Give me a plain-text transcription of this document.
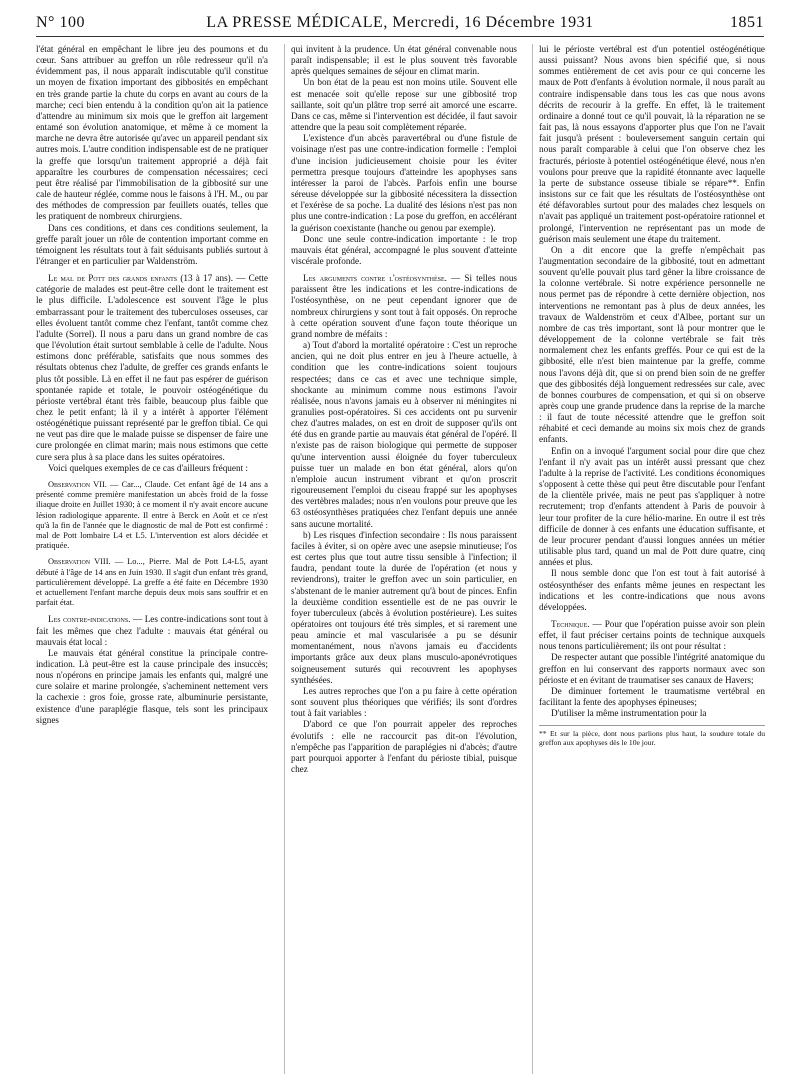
N° 100	LA PRESSE MÉDICALE, Mercredi, 16 Décembre 1931	1851

l'état général en empêchant le libre jeu des poumons et du cœur. Sans attribuer au greffon un rôle redresseur qu'il n'a évidemment pas, il nous apparaît indiscutable qu'il constitue un moyen de fixation important des gibbosités en empêchant en très grande partie la chute du corps en avant au cours de la marche; ceci bien entendu à la condition qu'on ait la patience d'attendre au minimum six mois que le greffon ait largement entamé son évolution anatomique, et même à ce moment la marche ne devra être autorisée qu'avec un appareil pendant six autres mois. L'autre condition indispensable est de ne pratiquer la greffe que lorsqu'un traitement approprié a déjà fait apparaître les courbures de compensation nécessaires; ceci peut être réalisé par l'immobilisation de la gibbosité sur une cale de hauteur réglée, comme nous le faisons à l'H. M., ou par des méthodes de compression par feuillets ouatés, telles que les pratiquent de nombreux chirurgiens.

Dans ces conditions, et dans ces conditions seulement, la greffe paraît jouer un rôle de contention important comme en témoignent les résultats tout à fait séduisants publiés surtout à l'étranger et en particulier par Waldenström.

Le mal de Pott des grands enfants (13 à 17 ans). — Cette catégorie de malades est peut-être celle dont le traitement est le plus difficile. L'adolescence est souvent l'âge le plus embarrassant pour le traitement des tuberculoses osseuses, car elles évoluent tantôt comme chez l'enfant, tantôt comme chez l'adulte (Sorrel). Il nous a paru dans un grand nombre de cas que l'évolution était surtout semblable à celle de l'adulte. Nous estimons donc préférable, satisfaits que nous sommes des résultats obtenus chez l'adulte, de greffer ces grands enfants le plus tôt possible. Là en effet il ne faut pas espérer de guérison spontanée rapide et totale, le pouvoir ostéogénétique du périoste vertébral étant très faible, beaucoup plus faible que chez le petit enfant; là il y a intérêt à apporter l'élément ostéogénétique puissant représenté par le greffon tibial. Ce qui ne veut pas dire que le malade puisse se dispenser de faire une cure prolongée en climat marin; mais nous estimons que cette cure sera plus à sa place dans les suites opératoires.

Voici quelques exemples de ce cas d'ailleurs fréquent :

Observation VII. — Car..., Claude. Cet enfant âgé de 14 ans a présenté comme première manifestation un abcès froid de la fosse iliaque droite en Juillet 1930; à ce moment il n'y avait encore aucune lésion radiologique apparente. Il entre à Berck en Août et ce n'est qu'à la fin de l'année que le diagnostic de mal de Pott est confirmé : mal de Pott lombaire L4 et L5. L'intervention est alors décidée et pratiquée.

Observation VIII. — Lo..., Pierre. Mal de Pott L4-L5, ayant débuté à l'âge de 14 ans en Juin 1930. Il s'agit d'un enfant très grand, particulièrement développé. La greffe a été faite en Décembre 1930 et actuellement l'enfant marche depuis deux mois sans souffrir et en parfait état.

Les contre-indications. — Les contre-indications sont tout à fait les mêmes que chez l'adulte : mauvais état général ou mauvais état local :

Le mauvais état général constitue la principale contre-indication. Là peut-être est la cause principale des insuccès; nous n'opérons en principe jamais les enfants qui, malgré une cure solaire et marine prolongée, s'acheminent nettement vers la cachexie : gros foie, grosse rate, albuminurie persistante, existence d'une paraplégie flasque, tels sont les principaux signes

qui invitent à la prudence. Un état général convenable nous paraît indispensable; il est le plus souvent très favorable après quelques semaines de séjour en climat marin.

Un bon état de la peau est non moins utile. Souvent elle est menacée soit qu'elle repose sur une gibbosité trop saillante, soit qu'un plâtre trop serré ait amorcé une escarre. Dans ce cas, même si l'intervention est décidée, il faut savoir attendre que la peau soit complètement réparée.

L'existence d'un abcès paravertébral ou d'une fistule de voisinage n'est pas une contre-indication formelle : l'emploi d'une incision judicieusement choisie pour les éviter permettra presque toujours d'atteindre les apophyses sans intéresser la paroi de l'abcès. Parfois enfin une bourse séreuse développée sur la gibbosité nécessitera la dissection et l'exérèse de sa poche. La dualité des lésions n'est pas non plus une contre-indication : La pose du greffon, en accélérant la guérison coexistante (hanche ou genou par exemple).

Donc une seule contre-indication importante : le trop mauvais état général, accompagné le plus souvent d'atteinte viscérale profonde.

Les arguments contre l'ostéosynthèse. — Si telles nous paraissent être les indications et les contre-indications de l'ostéosynthèse, on ne peut cependant ignorer que de nombreux chirurgiens y sont tout à fait opposés. On reproche à cette opération souvent d'une façon toute théorique un grand nombre de méfaits :

a) Tout d'abord la mortalité opératoire : C'est un reproche ancien, qui ne doit plus entrer en jeu à l'heure actuelle, à condition que les contre-indications soient toujours respectées; dans ce cas et avec une technique simple, shockante au minimum comme nous estimons l'avoir réalisée, nous n'avons jamais eu à observer ni méningites ni granulies post-opératoires. Si ces accidents ont pu survenir chez d'autres malades, on est en droit de supposer qu'ils ont été dus en grande partie au mauvais état général de l'opéré. Il n'existe pas de raison biologique qui permette de supposer qu'une intervention aussi éloignée du foyer tuberculeux puisse tuer un malade en bon état général, alors qu'on n'emploie aucun instrument vibrant et qu'on proscrit rigoureusement l'emploi du ciseau frappé sur les apophyses des vertèbres malades; nous n'en voulons pour preuve que les 63 ostéosynthèses pratiquées chez l'enfant depuis une année sans aucune mortalité.

b) Les risques d'infection secondaire : Ils nous paraissent faciles à éviter, si on opère avec une asepsie minutieuse; l'os est certes plus que tout autre tissu sensible à l'infection; il faudra, pendant toute la durée de l'opération (et nous y reviendrons), traiter le greffon avec un soin particulier, en s'abstenant de le manier autrement qu'à bout de pinces. Enfin la deuxième condition essentielle est de ne pas ouvrir le foyer tuberculeux (abcès à évolution postérieure). Les suites opératoires ont toujours été très simples, et si rarement une peau amincie et mal vascularisée a pu se désunir momentanément, nous n'avons jamais eu d'accidents importants grâce aux deux plans musculo-aponévrotiques soigneusement suturés qui recouvrent les apophyses synthésées.

Les autres reproches que l'on a pu faire à cette opération sont souvent plus théoriques que vérifiés; ils sont d'ordres tout à fait variables :

D'abord ce que l'on pourrait appeler des reproches évolutifs : elle ne raccourcit pas dit-on l'évolution, n'empêche pas l'apparition de paraplégies ni d'abcès; d'autre part pourquoi apporter à l'enfant du périoste tibial, puisque chez

lui le périoste vertébral est d'un potentiel ostéogénétique aussi puissant? Nous avons bien spécifié que, si nous sommes entièrement de cet avis pour ce qui concerne les maux de Pott d'enfants à évolution normale, il nous paraît au contraire indispensable dans tous les cas que nous avons décrits de recourir à la greffe. En effet, là le traitement ordinaire a donné tout ce qu'il pouvait, là la réparation ne se fait pas, là nous essayons d'apporter plus que l'on ne l'avait fait jusqu'à présent : bouleversement sanguin certain qui nous paraît comparable à celui que l'on observe chez les fracturés, périoste à potentiel ostéogénétique élevé, nous n'en voulons pour preuve que la rapidité étonnante avec laquelle la perte de substance osseuse tibiale se répare**. Enfin insistons sur ce fait que les résultats de l'ostéosynthèse ont été défavorables surtout pour des malades chez lesquels on n'avait pas appliqué un traitement post-opératoire rationnel et prolongé, l'intervention ne représentant pas un mode de guérison mais seulement une étape du traitement.

On a dit encore que la greffe n'empêchait pas l'augmentation secondaire de la gibbosité, tout en admettant souvent qu'elle pouvait plus tard gêner la libre croissance de la colonne vertébrale. Si notre expérience personnelle ne nous permet pas de répondre à cette dernière objection, nos interventions ne remontant pas à plus de deux années, les travaux de Waldenström et ceux d'Albee, portant sur un nombre de cas très important, sont là pour montrer que le développement de la colonne vertébrale se fait très normalement chez les enfants greffés. Pour ce qui est de la gibbosité, elle n'est bien maintenue par la greffe, comme nous l'avons déjà dit, que si on prend bien soin de ne greffer que des gibbosités déjà longuement redressées sur cale, avec de bonnes courbures de compensation, et qui si on observe après coup une grande prudence dans la reprise de la marche : il faut de toute nécessité attendre que le greffon soit réhabité et ceci demande au moins six mois chez de grands enfants.

Enfin on a invoqué l'argument social pour dire que chez l'enfant il n'y avait pas un intérêt aussi pressant que chez l'adulte à la reprise de l'activité. Les conditions économiques s'opposent à cette thèse qui peut être discutable pour l'enfant de la clientèle privée, mais ne peut pas s'appliquer à notre recrutement; trop d'enfants attendent à Paris de pouvoir à leur tour profiter de la cure hélio-marine. En outre il est très difficile de donner à ces enfants une éducation suffisante, et de leur procurer pendant d'aussi longues années un métier utilisable plus tard, quand un mal de Pott dure quatre, cinq années et plus.

Il nous semble donc que l'on est tout à fait autorisé à ostéosynthéser des enfants même jeunes en respectant les indications et les contre-indications que nous avons développées.

Technique. — Pour que l'opération puisse avoir son plein effet, il faut préciser certains points de technique auxquels nous tenons particulièrement; ils ont pour résultat :

De respecter autant que possible l'intégrité anatomique du greffon en lui conservant des rapports normaux avec son périoste et en évitant de traumatiser ses canaux de Havers;

De diminuer fortement le traumatisme vertébral en facilitant la fente des apophyses épineuses;

D'utiliser la même instrumentation pour la

** Et sur la pièce, dont nous parlions plus haut, la soudure totale du greffon aux apophyses dès le 10e jour.
